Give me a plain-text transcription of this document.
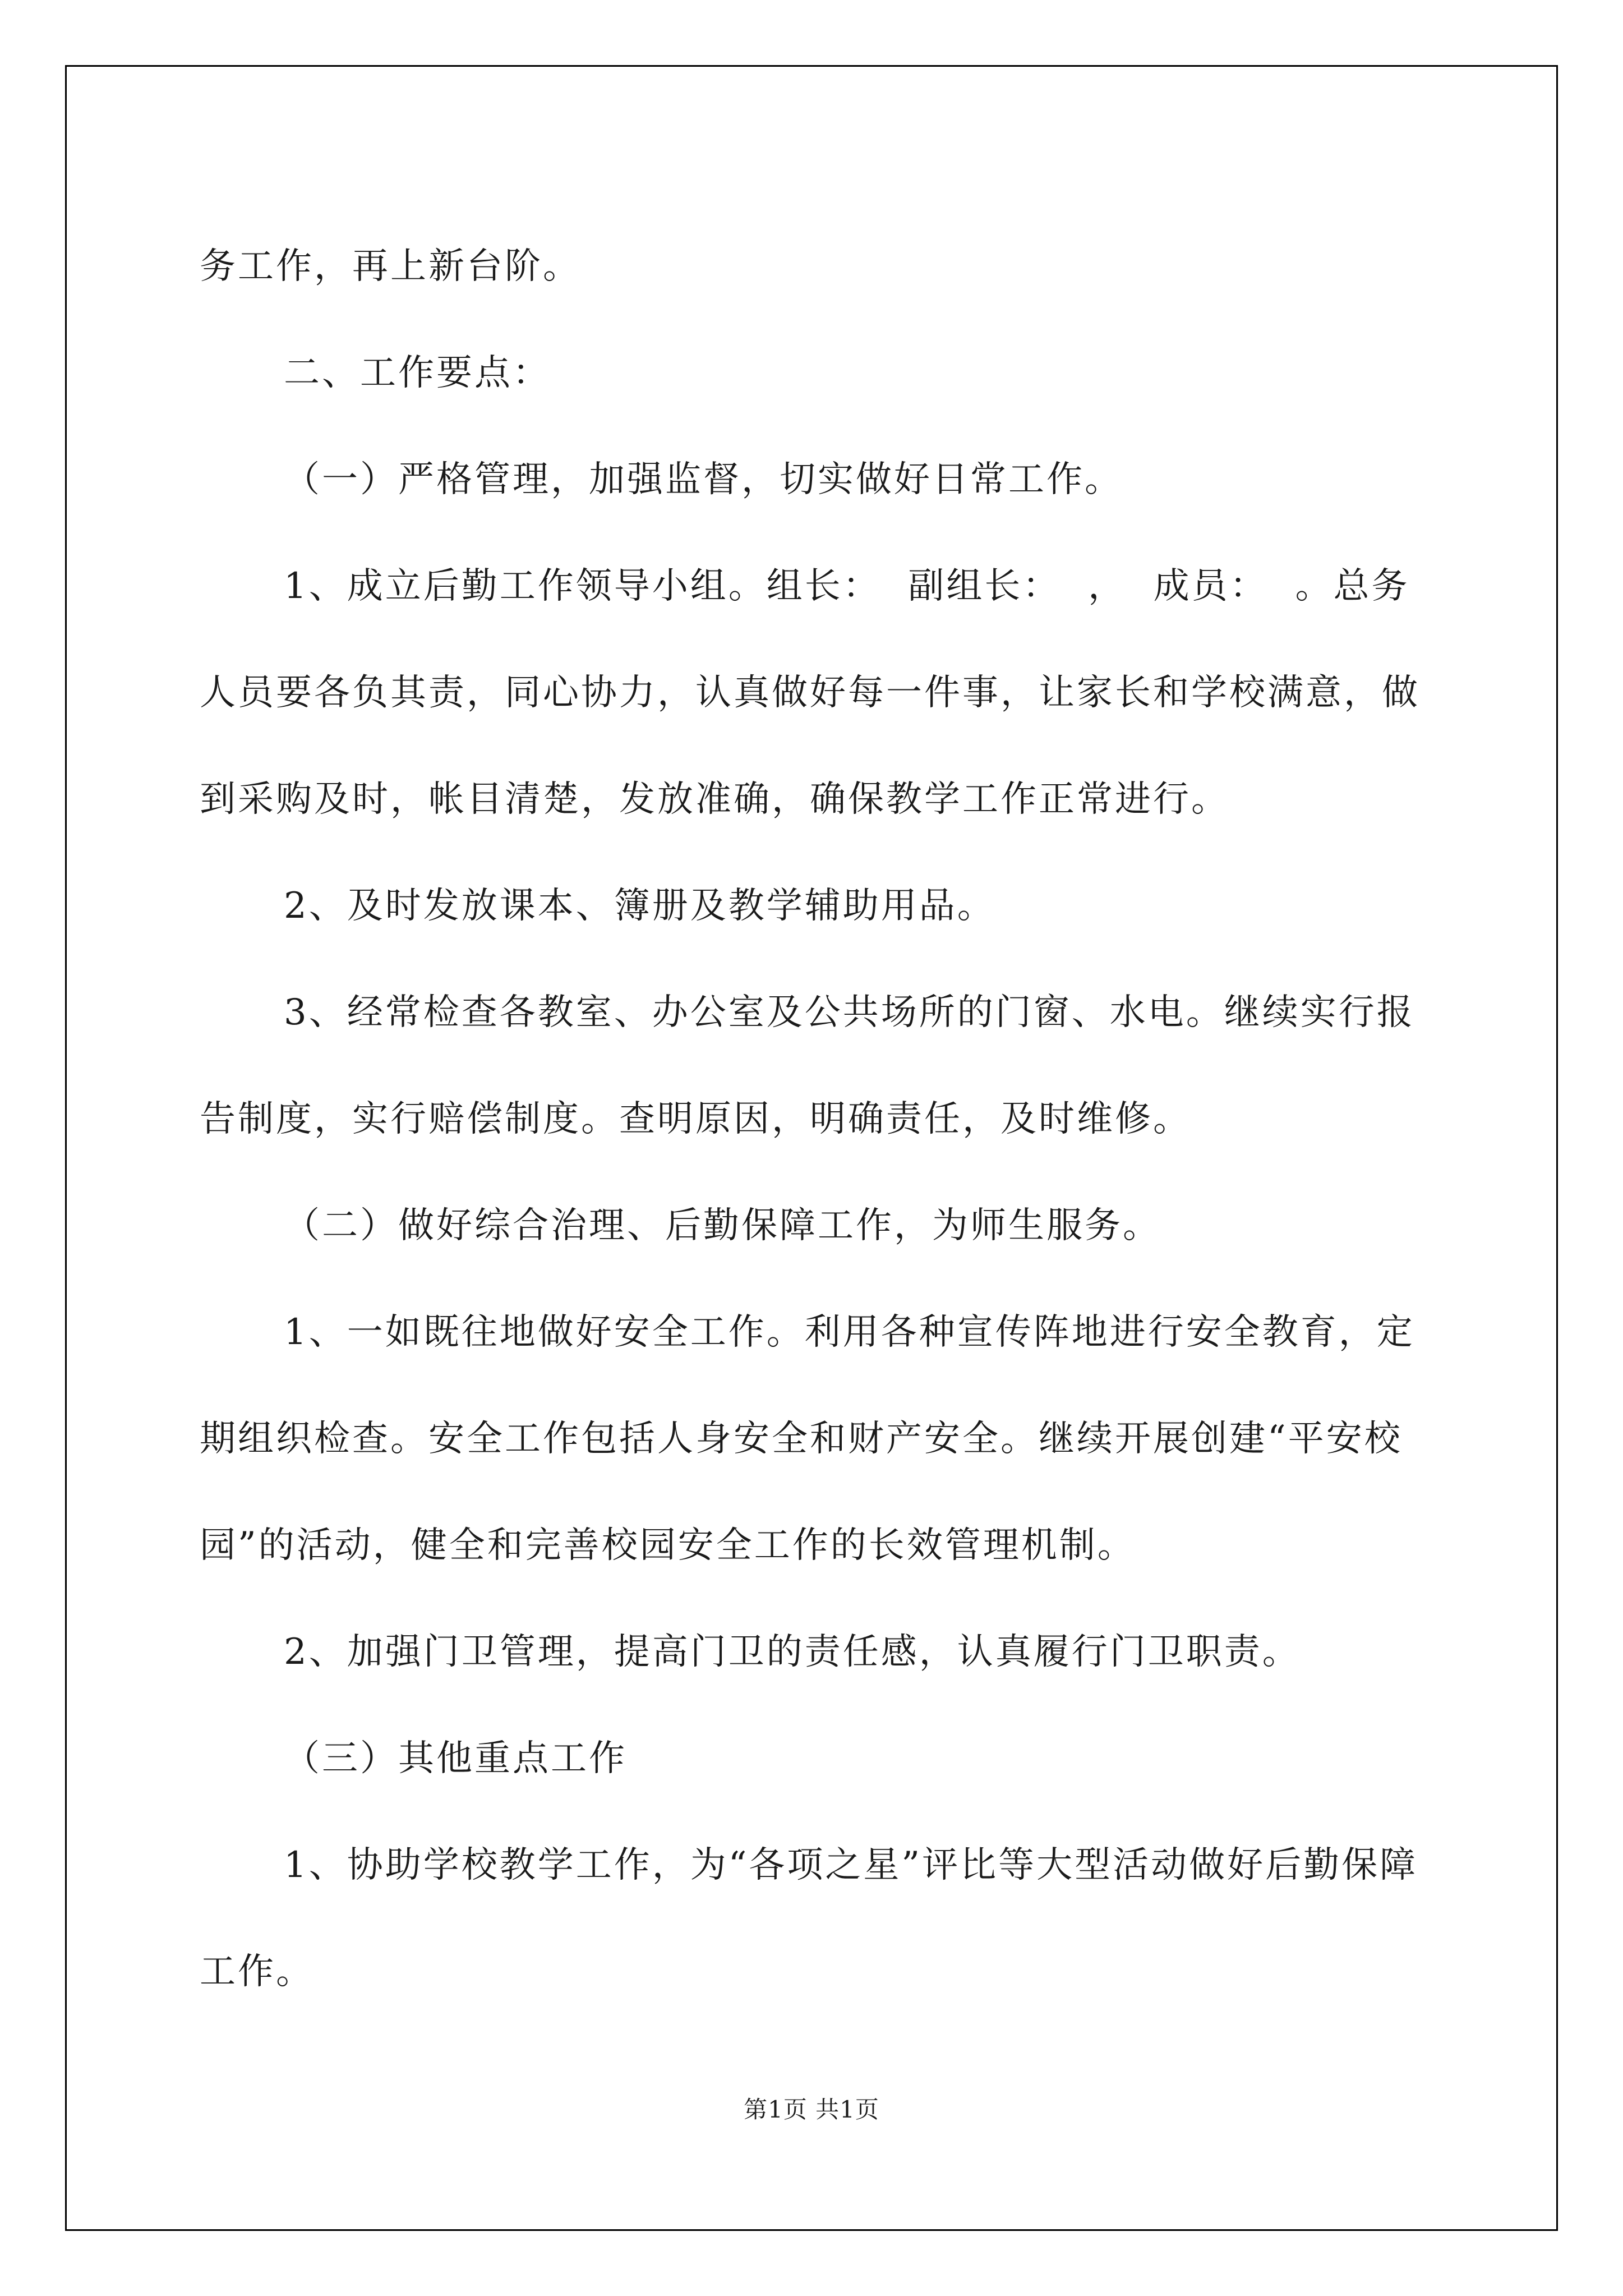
务工作，再上新台阶。

二、工作要点：

（一）严格管理，加强监督，切实做好日常工作。

1、成立后勤工作领导小组。组长：  副组长：  ，  成员：  。总务人员要各负其责，同心协力，认真做好每一件事，让家长和学校满意，做到采购及时，帐目清楚，发放准确，确保教学工作正常进行。

2、及时发放课本、簿册及教学辅助用品。

3、经常检查各教室、办公室及公共场所的门窗、水电。继续实行报告制度，实行赔偿制度。查明原因，明确责任，及时维修。

（二）做好综合治理、后勤保障工作，为师生服务。

1、一如既往地做好安全工作。利用各种宣传阵地进行安全教育，定期组织检查。安全工作包括人身安全和财产安全。继续开展创建“平安校园”的活动，健全和完善校园安全工作的长效管理机制。

2、加强门卫管理，提高门卫的责任感，认真履行门卫职责。

（三）其他重点工作

1、协助学校教学工作，为“各项之星”评比等大型活动做好后勤保障工作。

第1页 共1页
